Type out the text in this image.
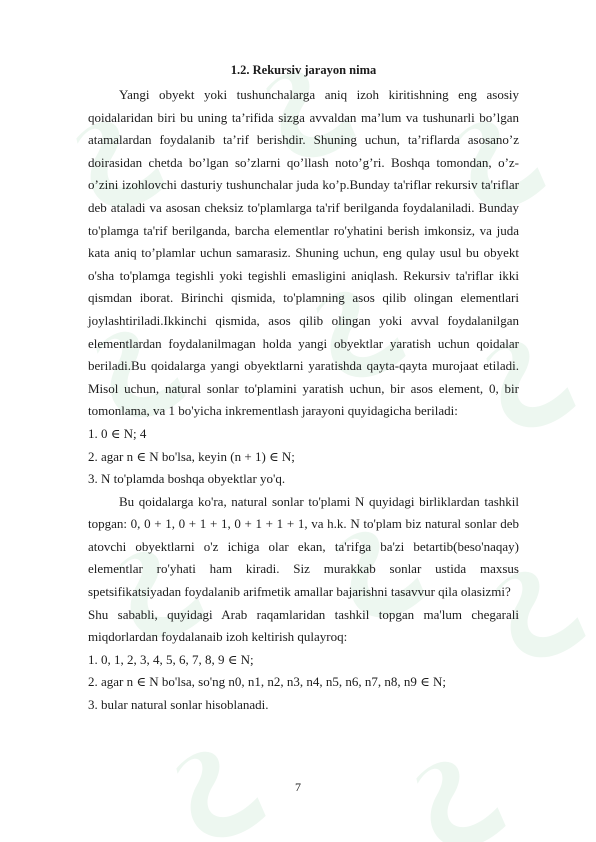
1.2. Rekursiv jarayon nima

Yangi obyekt yoki tushunchalarga aniq izoh kiritishning eng asosiy qoidalaridan biri bu uning ta’rifida sizga avvaldan ma’lum va tushunarli bo’lgan atamalardan foydalanib ta’rif berishdir. Shuning uchun, ta’riflarda asosano’z doirasidan chetda bo’lgan so’zlarni qo’llash noto’g’ri. Boshqa tomondan, o’z-o’zini izohlovchi dasturiy tushunchalar juda ko’p.Bunday ta'riflar rekursiv ta'riflar deb ataladi va asosan cheksiz to'plamlarga ta'rif berilganda foydalaniladi. Bunday to'plamga ta'rif berilganda, barcha elementlar ro'yhatini berish imkonsiz, va juda kata aniq to’plamlar uchun samarasiz. Shuning uchun, eng qulay usul bu obyekt o'sha to'plamga tegishli yoki tegishli emasligini aniqlash. Rekursiv ta'riflar ikki qismdan iborat. Birinchi qismida, to'plamning asos qilib olingan elementlari joylashtiriladi.Ikkinchi qismida, asos qilib olingan yoki avval foydalanilgan elementlardan foydalanilmagan holda yangi obyektlar yaratish uchun qoidalar beriladi.Bu qoidalarga yangi obyektlarni yaratishda qayta-qayta murojaat etiladi. Misol uchun, natural sonlar to'plamini yaratish uchun, bir asos element, 0, bir tomonlama, va 1 bo'yicha inkrementlash jarayoni quyidagicha beriladi:

1. 0 ∈ N; 4
2. agar n ∈ N bo'lsa, keyin (n + 1) ∈ N;
3. N to'plamda boshqa obyektlar yo'q.

Bu qoidalarga ko'ra, natural sonlar to'plami N quyidagi birliklardan tashkil topgan: 0, 0 + 1, 0 + 1 + 1, 0 + 1 + 1 + 1, va h.k. N to'plam biz natural sonlar deb atovchi obyektlarni o'z ichiga olar ekan, ta'rifga ba'zi betartib(beso'naqay) elementlar ro'yhati ham kiradi. Siz murakkab sonlar ustida maxsus spetsifikatsiyadan foydalanib arifmetik amallar bajarishni tasavvur qila olasizmi?

Shu sababli, quyidagi Arab raqamlaridan tashkil topgan ma'lum chegarali miqdorlardan foydalanaib izoh keltirish qulayroq:

1. 0, 1, 2, 3, 4, 5, 6, 7, 8, 9 ∈ N;
2. agar n ∈ N bo'lsa, so'ng n0, n1, n2, n3, n4, n5, n6, n7, n8, n9 ∈ N;
3. bular natural sonlar hisoblanadi.
7
